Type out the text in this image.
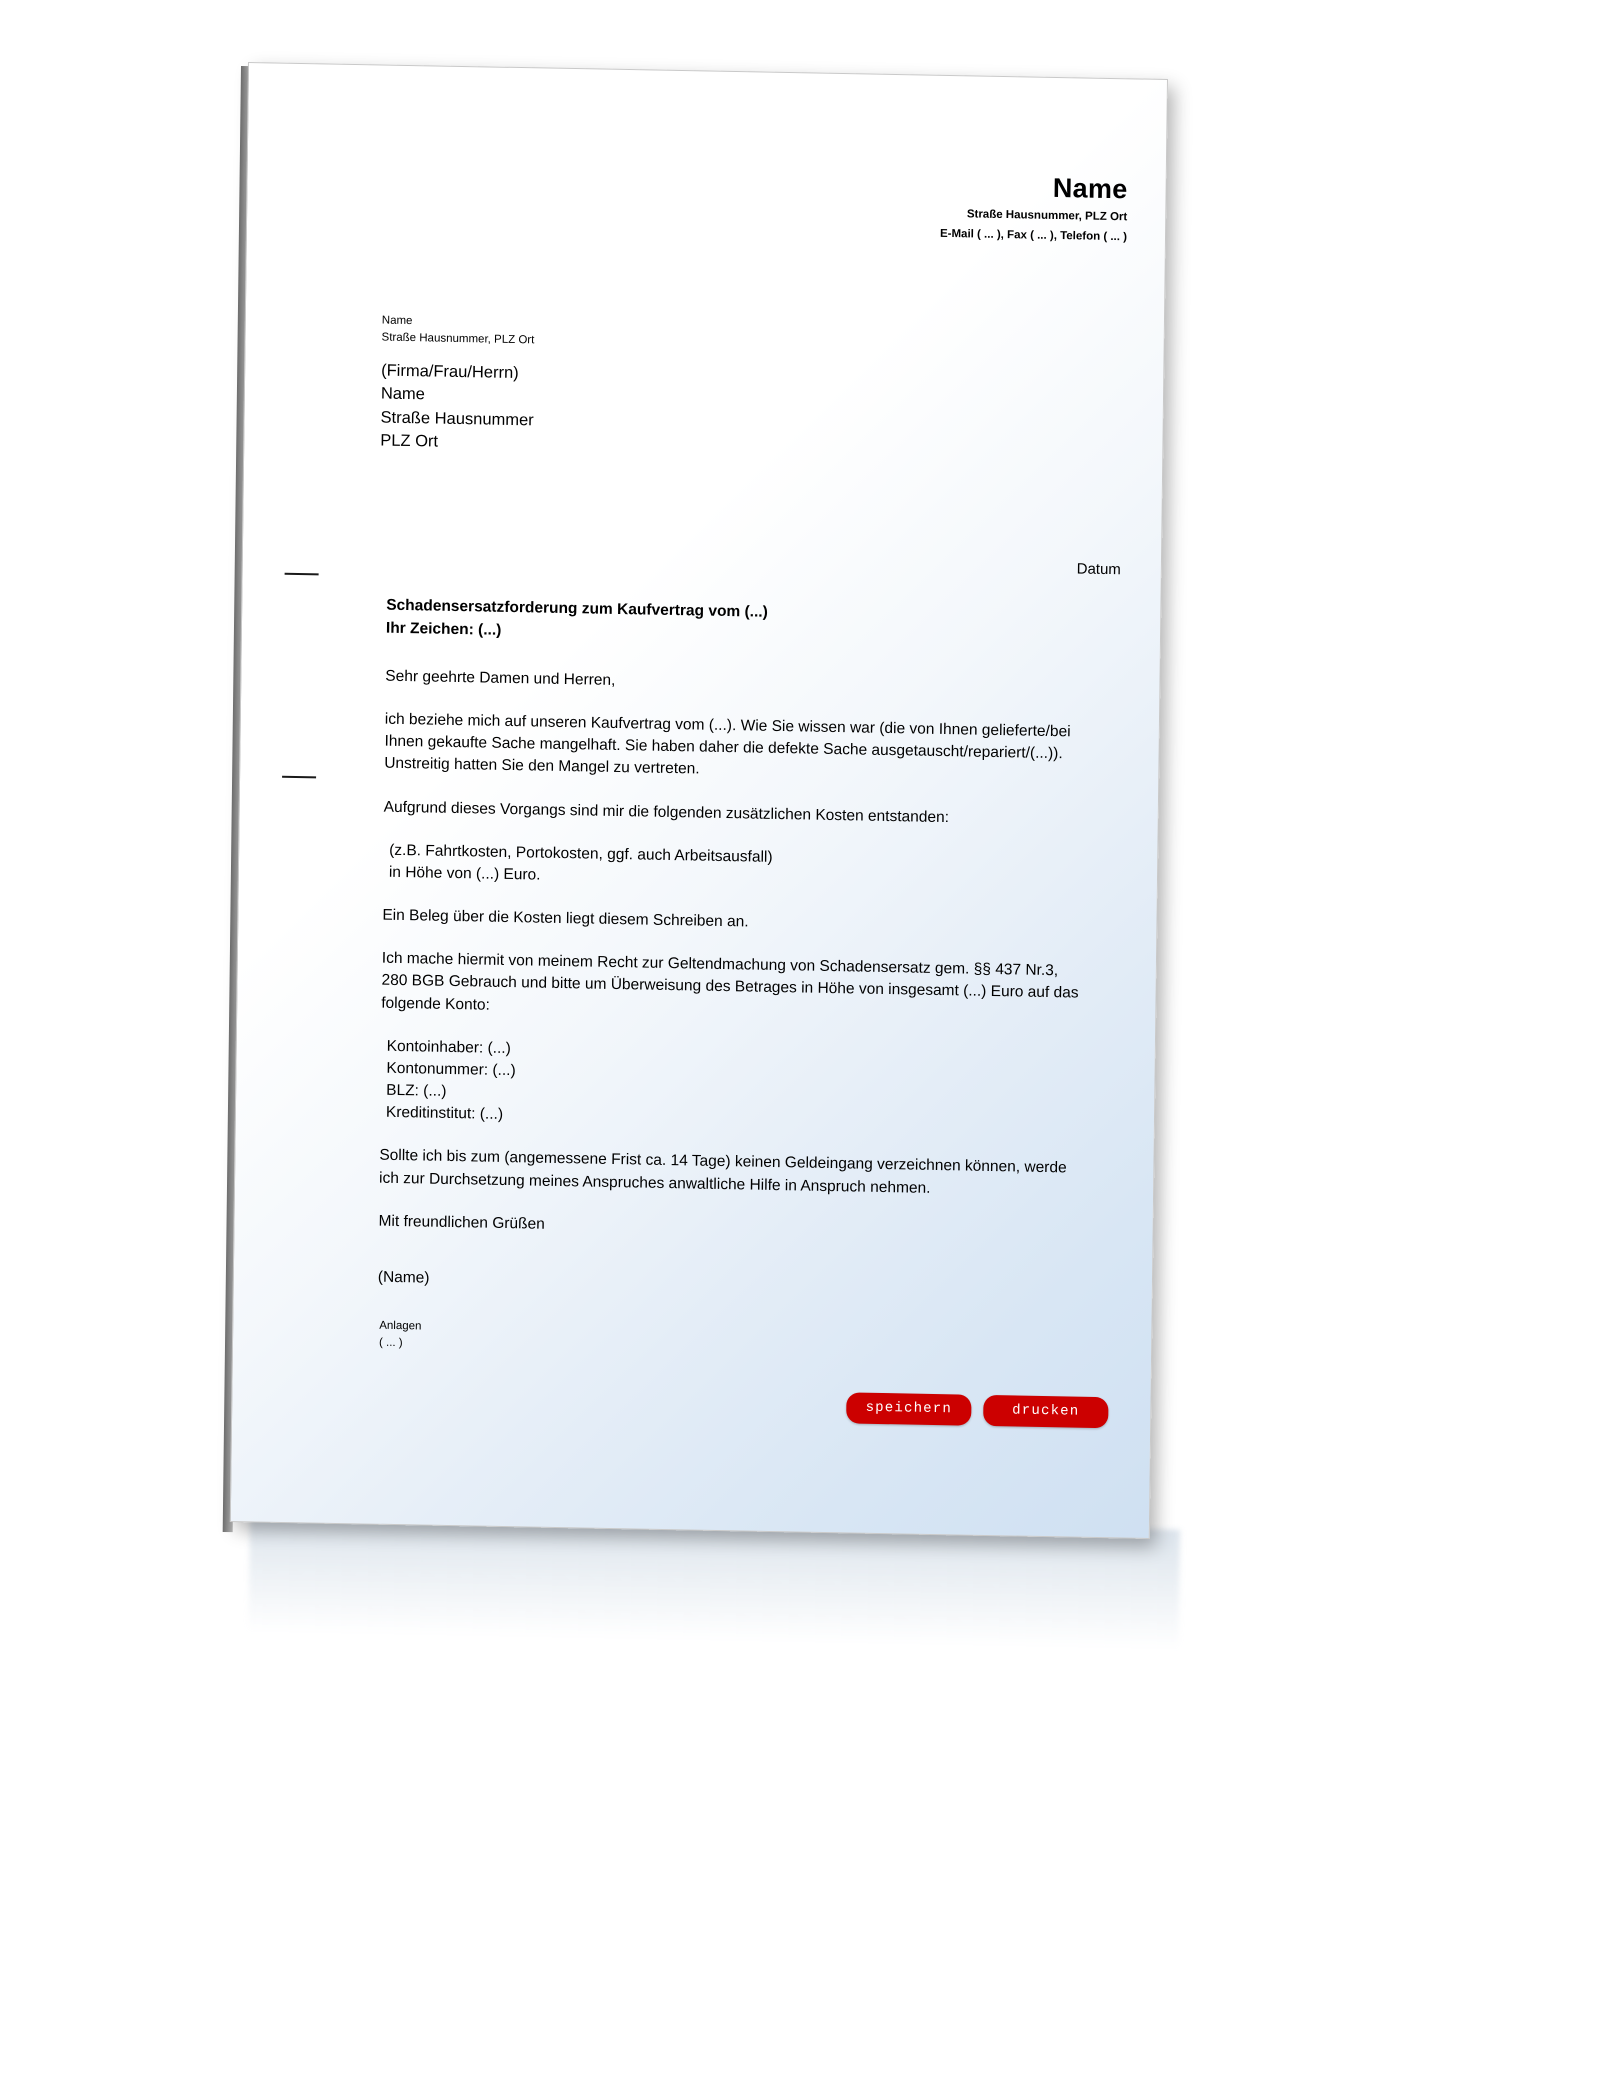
Name
Straße Hausnummer, PLZ Ort
E-Mail ( ... ), Fax ( ... ), Telefon ( ... )
Name
Straße Hausnummer, PLZ Ort
(Firma/Frau/Herrn)
Name
Straße Hausnummer
PLZ Ort
Datum
Schadensersatzforderung zum Kaufvertrag vom (...)
Ihr Zeichen: (...)

Sehr geehrte Damen und Herren,

ich beziehe mich auf unseren Kaufvertrag vom (...). Wie Sie wissen war (die von Ihnen gelieferte/bei Ihnen gekaufte Sache mangelhaft. Sie haben daher die defekte Sache ausgetauscht/repariert/(...)). Unstreitig hatten Sie den Mangel zu vertreten.

Aufgrund dieses Vorgangs sind mir die folgenden zusätzlichen Kosten entstanden:

(z.B. Fahrtkosten, Portokosten, ggf. auch Arbeitsausfall)
in Höhe von (...) Euro.

Ein Beleg über die Kosten liegt diesem Schreiben an.

Ich mache hiermit von meinem Recht zur Geltendmachung von Schadensersatz gem. §§ 437 Nr.3, 280 BGB Gebrauch und bitte um Überweisung des Betrages in Höhe von insgesamt (...) Euro auf das folgende Konto:

Kontoinhaber: (...)
Kontonummer: (...)
BLZ: (...)
Kreditinstitut: (...)

Sollte ich bis zum (angemessene Frist ca. 14 Tage) keinen Geldeingang verzeichnen können, werde ich zur Durchsetzung meines Anspruches anwaltliche Hilfe in Anspruch nehmen.

Mit freundlichen Grüßen

(Name)

Anlagen
( ... )
speichern	drucken
